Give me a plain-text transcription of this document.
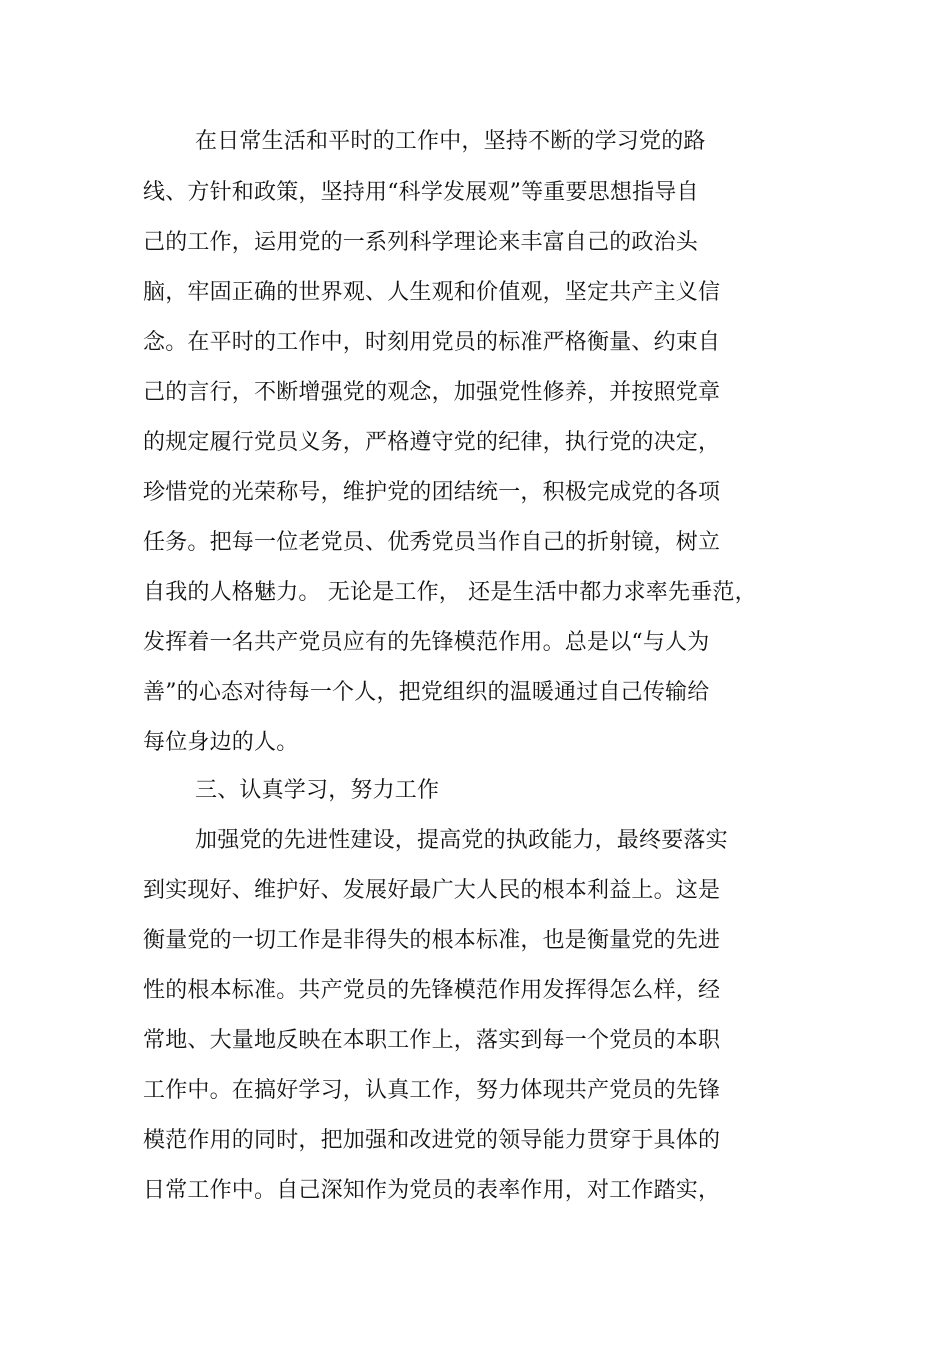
在日常生活和平时的工作中，坚持不断的学习党的路
线、方针和政策，坚持用“科学发展观”等重要思想指导自
己的工作，运用党的一系列科学理论来丰富自己的政治头
脑，牢固正确的世界观、人生观和价值观，坚定共产主义信
念。在平时的工作中，时刻用党员的标准严格衡量、约束自
己的言行，不断增强党的观念，加强党性修养，并按照党章
的规定履行党员义务，严格遵守党的纪律，执行党的决定，
珍惜党的光荣称号，维护党的团结统一，积极完成党的各项
任务。把每一位老党员、优秀党员当作自己的折射镜，树立
自我的人格魅力。 无论是工作， 还是生活中都力求率先垂范，
发挥着一名共产党员应有的先锋模范作用。总是以“与人为
善”的心态对待每一个人，把党组织的温暖通过自己传输给
每位身边的人。
三、认真学习，努力工作
加强党的先进性建设，提高党的执政能力，最终要落实
到实现好、维护好、发展好最广大人民的根本利益上。这是
衡量党的一切工作是非得失的根本标准，也是衡量党的先进
性的根本标准。共产党员的先锋模范作用发挥得怎么样，经
常地、大量地反映在本职工作上，落实到每一个党员的本职
工作中。在搞好学习，认真工作，努力体现共产党员的先锋
模范作用的同时，把加强和改进党的领导能力贯穿于具体的
日常工作中。自己深知作为党员的表率作用，对工作踏实，
